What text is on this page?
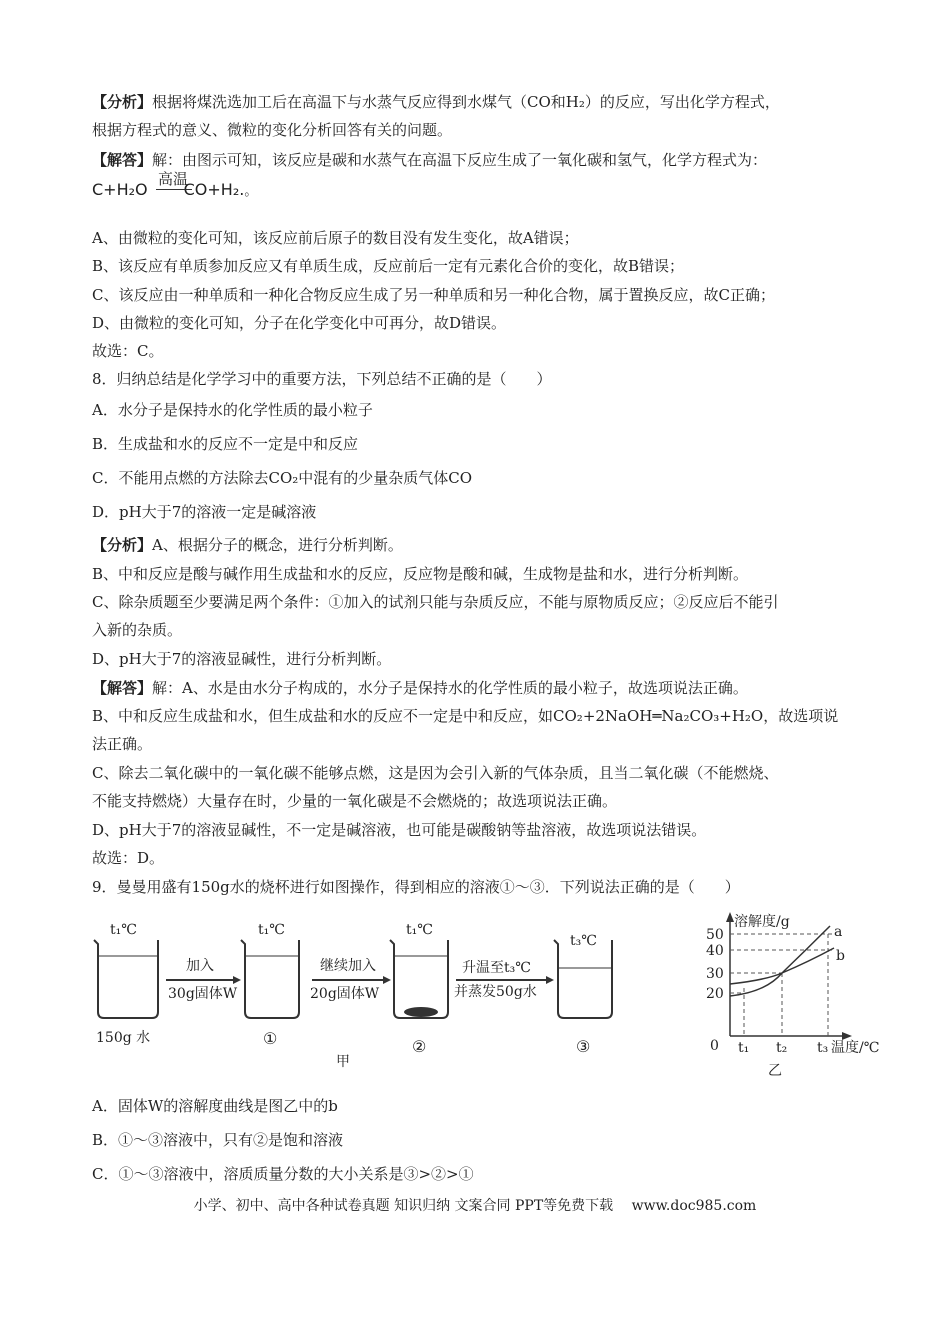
【分析】根据将煤洗选加工后在高温下与水蒸气反应得到水煤气（CO和H₂）的反应，写出化学方程式，
根据方程式的意义、微粒的变化分析回答有关的问题。
【解答】解：由图示可知，该反应是碳和水蒸气在高温下反应生成了一氧化碳和氢气，化学方程式为：
C+H₂O CO+H₂.。
高温
A、由微粒的变化可知，该反应前后原子的数目没有发生变化，故A错误；
B、该反应有单质参加反应又有单质生成，反应前后一定有元素化合价的变化，故B错误；
C、该反应由一种单质和一种化合物反应生成了另一种单质和另一种化合物，属于置换反应，故C正确；
D、由微粒的变化可知，分子在化学变化中可再分，故D错误。
故选：C。
8．归纳总结是化学学习中的重要方法，下列总结不正确的是（　　）
A．水分子是保持水的化学性质的最小粒子
B．生成盐和水的反应不一定是中和反应
C．不能用点燃的方法除去CO₂中混有的少量杂质气体CO
D．pH大于7的溶液一定是碱溶液
【分析】A、根据分子的概念，进行分析判断。
B、中和反应是酸与碱作用生成盐和水的反应，反应物是酸和碱，生成物是盐和水，进行分析判断。
C、除杂质题至少要满足两个条件：①加入的试剂只能与杂质反应，不能与原物质反应；②反应后不能引
入新的杂质。
D、pH大于7的溶液显碱性，进行分析判断。
【解答】解：A、水是由水分子构成的，水分子是保持水的化学性质的最小粒子，故选项说法正确。
B、中和反应生成盐和水，但生成盐和水的反应不一定是中和反应，如CO₂+2NaOH═Na₂CO₃+H₂O，故选项说
法正确。
C、除去二氧化碳中的一氧化碳不能够点燃，这是因为会引入新的气体杂质，且当二氧化碳（不能燃烧、
不能支持燃烧）大量存在时，少量的一氧化碳是不会燃烧的；故选项说法正确。
D、pH大于7的溶液显碱性，不一定是碱溶液，也可能是碳酸钠等盐溶液，故选项说法错误。
故选：D。
9．曼曼用盛有150g水的烧杯进行如图操作，得到相应的溶液①～③．下列说法正确的是（　　）
t₁℃	t₁℃	t₁℃
t₃℃
加入
30g固体W
继续加入
20g固体W
升温至t₃℃
并蒸发50g水
150g 水	①	②	③
甲
溶解度/g
50
40
30
20
0 t₁ t₂ t₃ 温度/℃
a
b
乙
A．固体W的溶解度曲线是图乙中的b
B．①～③溶液中，只有②是饱和溶液
C．①～③溶液中，溶质质量分数的大小关系是③>②>①
小学、初中、高中各种试卷真题 知识归纳 文案合同 PPT等免费下载　 www.doc985.com
